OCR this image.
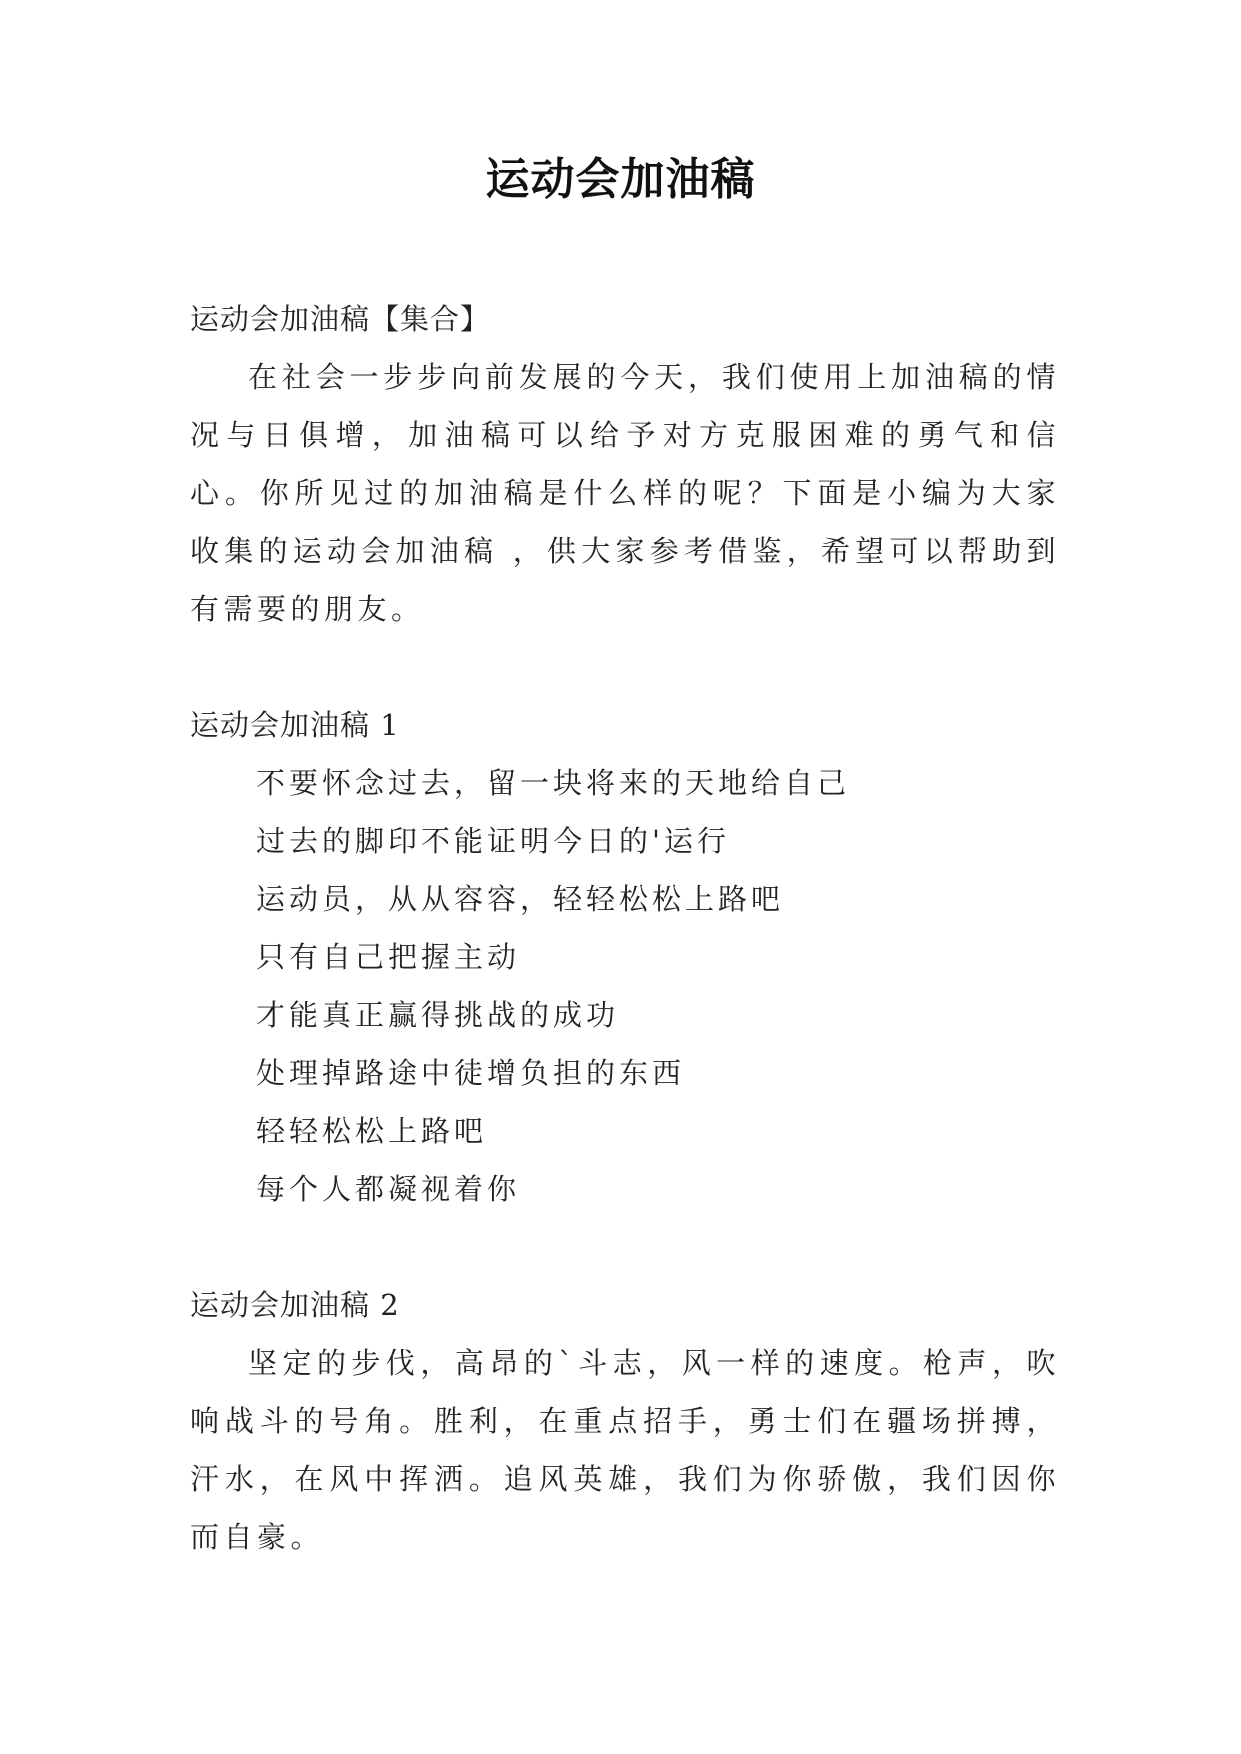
运动会加油稿
运动会加油稿【集合】

在社会一步步向前发展的今天，我们使用上加油稿的情况与日俱增，加油稿可以给予对方克服困难的勇气和信心。你所见过的加油稿是什么样的呢？下面是小编为大家收集的运动会加油稿 ，供大家参考借鉴，希望可以帮助到有需要的朋友。

运动会加油稿 1
不要怀念过去，留一块将来的天地给自己
过去的脚印不能证明今日的'运行
运动员，从从容容，轻轻松松上路吧
只有自己把握主动
才能真正赢得挑战的成功
处理掉路途中徒增负担的东西
轻轻松松上路吧
每个人都凝视着你
运动会加油稿 2

坚定的步伐，高昂的`斗志，风一样的速度。枪声，吹响战斗的号角。胜利，在重点招手，勇士们在疆场拼搏，汗水，在风中挥洒。追风英雄，我们为你骄傲，我们因你而自豪。
